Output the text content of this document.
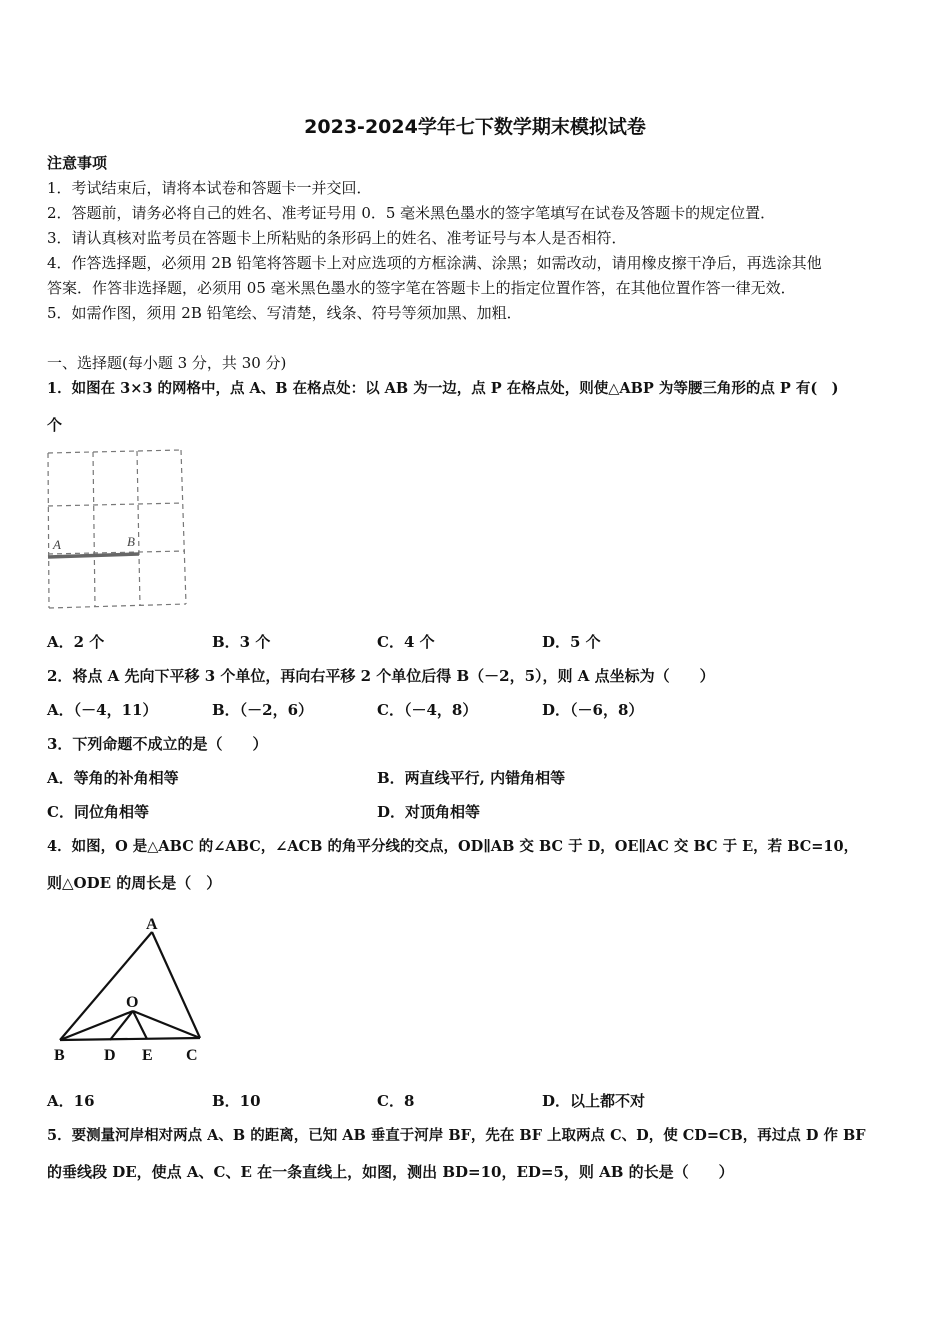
2023-2024学年七下数学期末模拟试卷
注意事项
1．考试结束后，请将本试卷和答题卡一并交回．
2．答题前，请务必将自己的姓名、准考证号用 0．5 毫米黑色墨水的签字笔填写在试卷及答题卡的规定位置．
3．请认真核对监考员在答题卡上所粘贴的条形码上的姓名、准考证号与本人是否相符．
4．作答选择题，必须用 2B 铅笔将答题卡上对应选项的方框涂满、涂黑；如需改动，请用橡皮擦干净后，再选涂其他
答案．作答非选择题，必须用 05 毫米黑色墨水的签字笔在答题卡上的指定位置作答，在其他位置作答一律无效．
5．如需作图，须用 2B 铅笔绘、写清楚，线条、符号等须加黑、加粗．
一、选择题(每小题 3 分，共 30 分)
1．如图在 3×3 的网格中，点 A、B 在格点处：以 AB 为一边，点 P 在格点处，则使△ABP 为等腰三角形的点 P 有(　)
个
A	B
A．2 个	B．3 个	C．4 个	D．5 个
2．将点 A 先向下平移 3 个单位，再向右平移 2 个单位后得 B（－2，5），则 A 点坐标为（　　）
A．（－4，11）	B．（－2，6）	C．（－4，8）	D．（－6，8）
3．下列命题不成立的是（　　）
A．等角的补角相等	B．两直线平行, 内错角相等
C．同位角相等	D．对顶角相等
4．如图，O 是△ABC 的∠ABC，∠ACB 的角平分线的交点，OD∥AB 交 BC 于 D，OE∥AC 交 BC 于 E，若 BC=10，
则△ODE 的周长是（　）
A
O
B D E C
A．16	B．10	C．8	D．以上都不对
5．要测量河岸相对两点 A、B 的距离，已知 AB 垂直于河岸 BF，先在 BF 上取两点 C、D，使 CD=CB，再过点 D 作 BF
的垂线段 DE，使点 A、C、E 在一条直线上，如图，测出 BD=10，ED=5，则 AB 的长是（　　）
